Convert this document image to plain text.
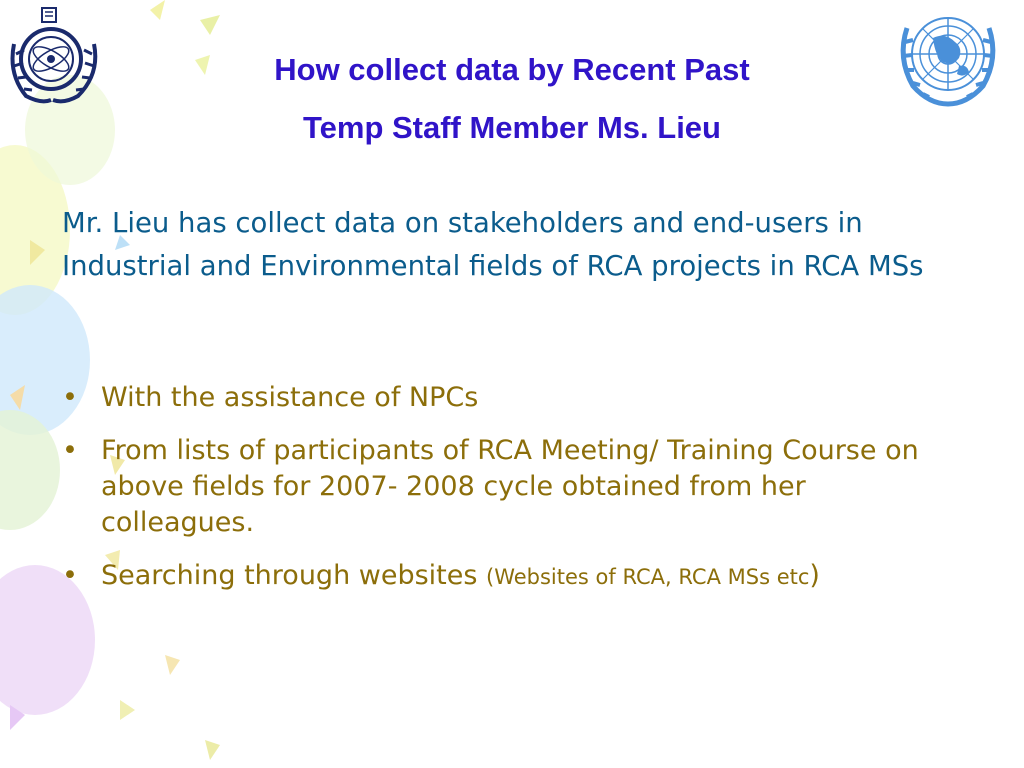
How collect data by Recent Past
Temp Staff Member Ms. Lieu
Mr. Lieu has collect data on stakeholders and end-users in Industrial and Environmental fields of RCA projects in RCA MSs
• With the assistance of NPCs
• From lists of participants of RCA Meeting/ Training Course on above fields for 2007- 2008 cycle obtained from her colleagues.
• Searching through websites (Websites of RCA, RCA MSs etc)
